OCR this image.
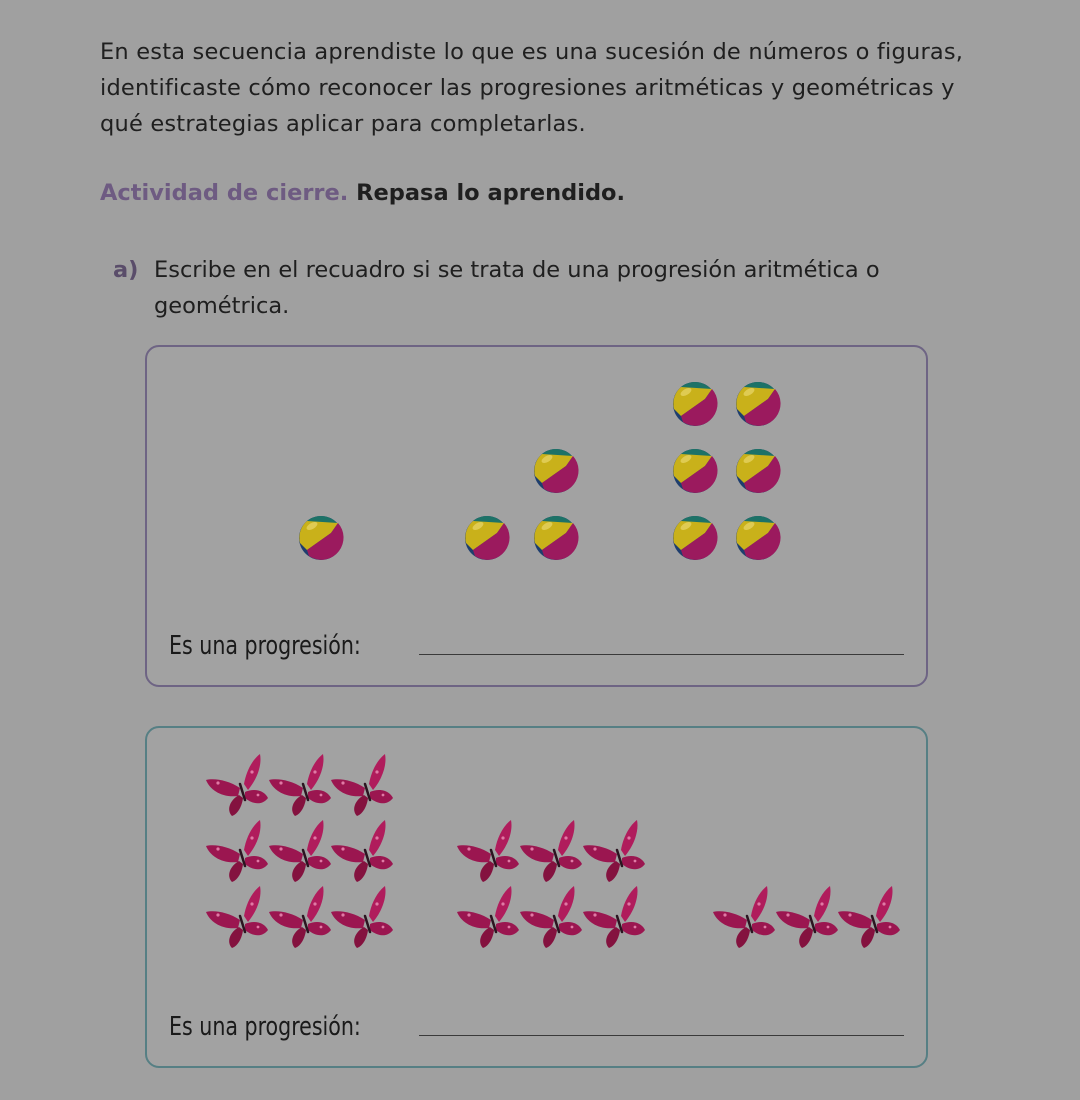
En esta secuencia aprendiste lo que es una sucesión de números o figuras, identificaste cómo reconocer las progresiones aritméticas y geométricas y qué estrategias aplicar para completarlas.

Actividad de cierre. Repasa lo aprendido.

a) Escribe en el recuadro si se trata de una progresión aritmética o geométrica.
Es una progresión:
Es una progresión:
